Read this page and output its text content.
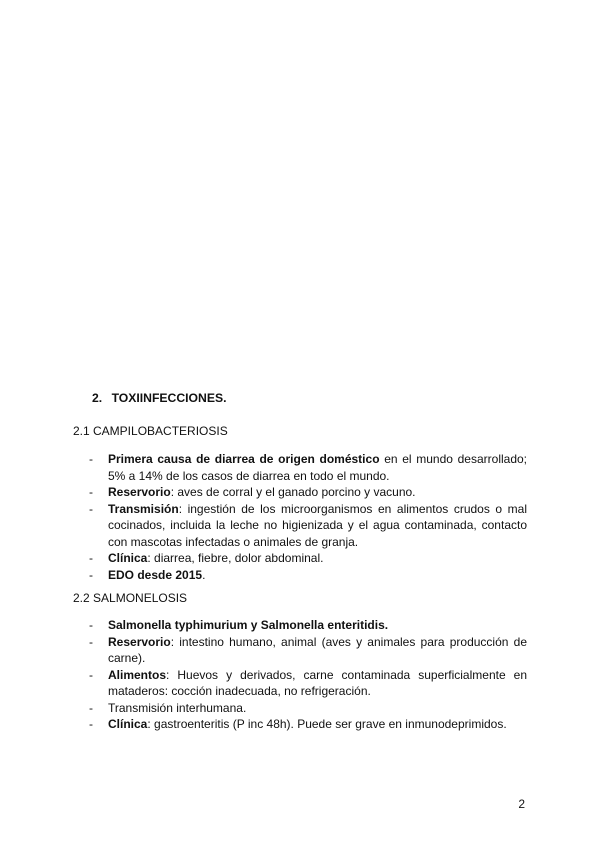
2. TOXIINFECCIONES.
2.1 CAMPILOBACTERIOSIS
- Primera causa de diarrea de origen doméstico en el mundo desarrollado; 5% a 14% de los casos de diarrea en todo el mundo.
- Reservorio: aves de corral y el ganado porcino y vacuno.
- Transmisión: ingestión de los microorganismos en alimentos crudos o mal cocinados, incluida la leche no higienizada y el agua contaminada, contacto con mascotas infectadas o animales de granja.
- Clínica: diarrea, fiebre, dolor abdominal.
- EDO desde 2015.
2.2 SALMONELOSIS
- Salmonella typhimurium y Salmonella enteritidis.
- Reservorio: intestino humano, animal (aves y animales para producción de carne).
- Alimentos: Huevos y derivados, carne contaminada superficialmente en mataderos: cocción inadecuada, no refrigeración.
- Transmisión interhumana.
- Clínica: gastroenteritis (P inc 48h). Puede ser grave en inmunodeprimidos.
2
